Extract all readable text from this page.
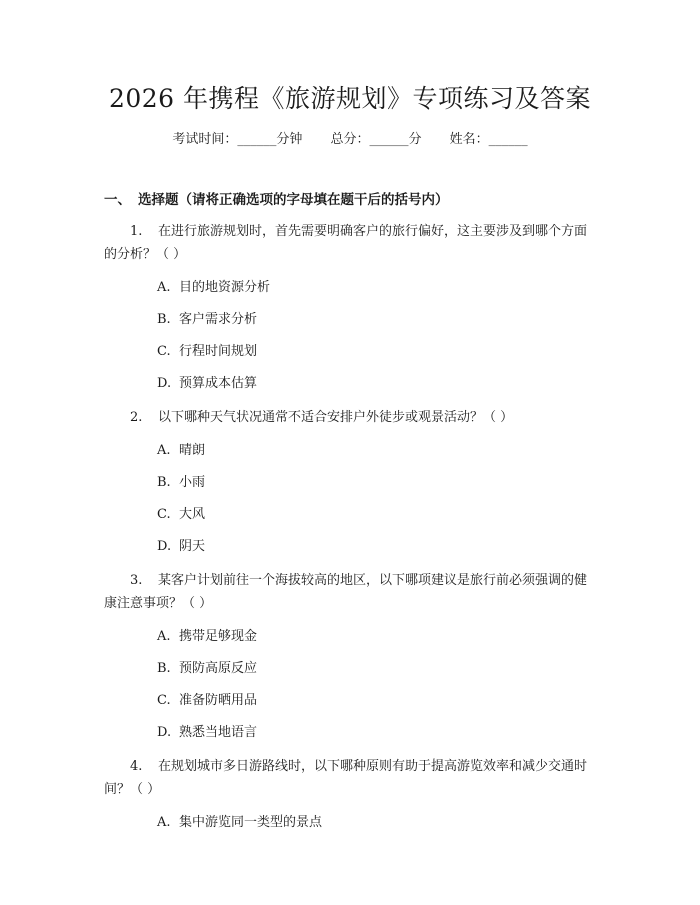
2026 年携程《旅游规划》专项练习及答案
考试时间：______分钟 总分：______分 姓名：______
一、 选择题（请将正确选项的字母填在题干后的括号内）
1. 在进行旅游规划时，首先需要明确客户的旅行偏好，这主要涉及到哪个方面的分析？（ ）
A. 目的地资源分析
B. 客户需求分析
C. 行程时间规划
D. 预算成本估算
2. 以下哪种天气状况通常不适合安排户外徒步或观景活动？（ ）
A. 晴朗
B. 小雨
C. 大风
D. 阴天
3. 某客户计划前往一个海拔较高的地区，以下哪项建议是旅行前必须强调的健康注意事项？（ ）
A. 携带足够现金
B. 预防高原反应
C. 准备防晒用品
D. 熟悉当地语言
4. 在规划城市多日游路线时，以下哪种原则有助于提高游览效率和减少交通时间？（ ）
A. 集中游览同一类型的景点
